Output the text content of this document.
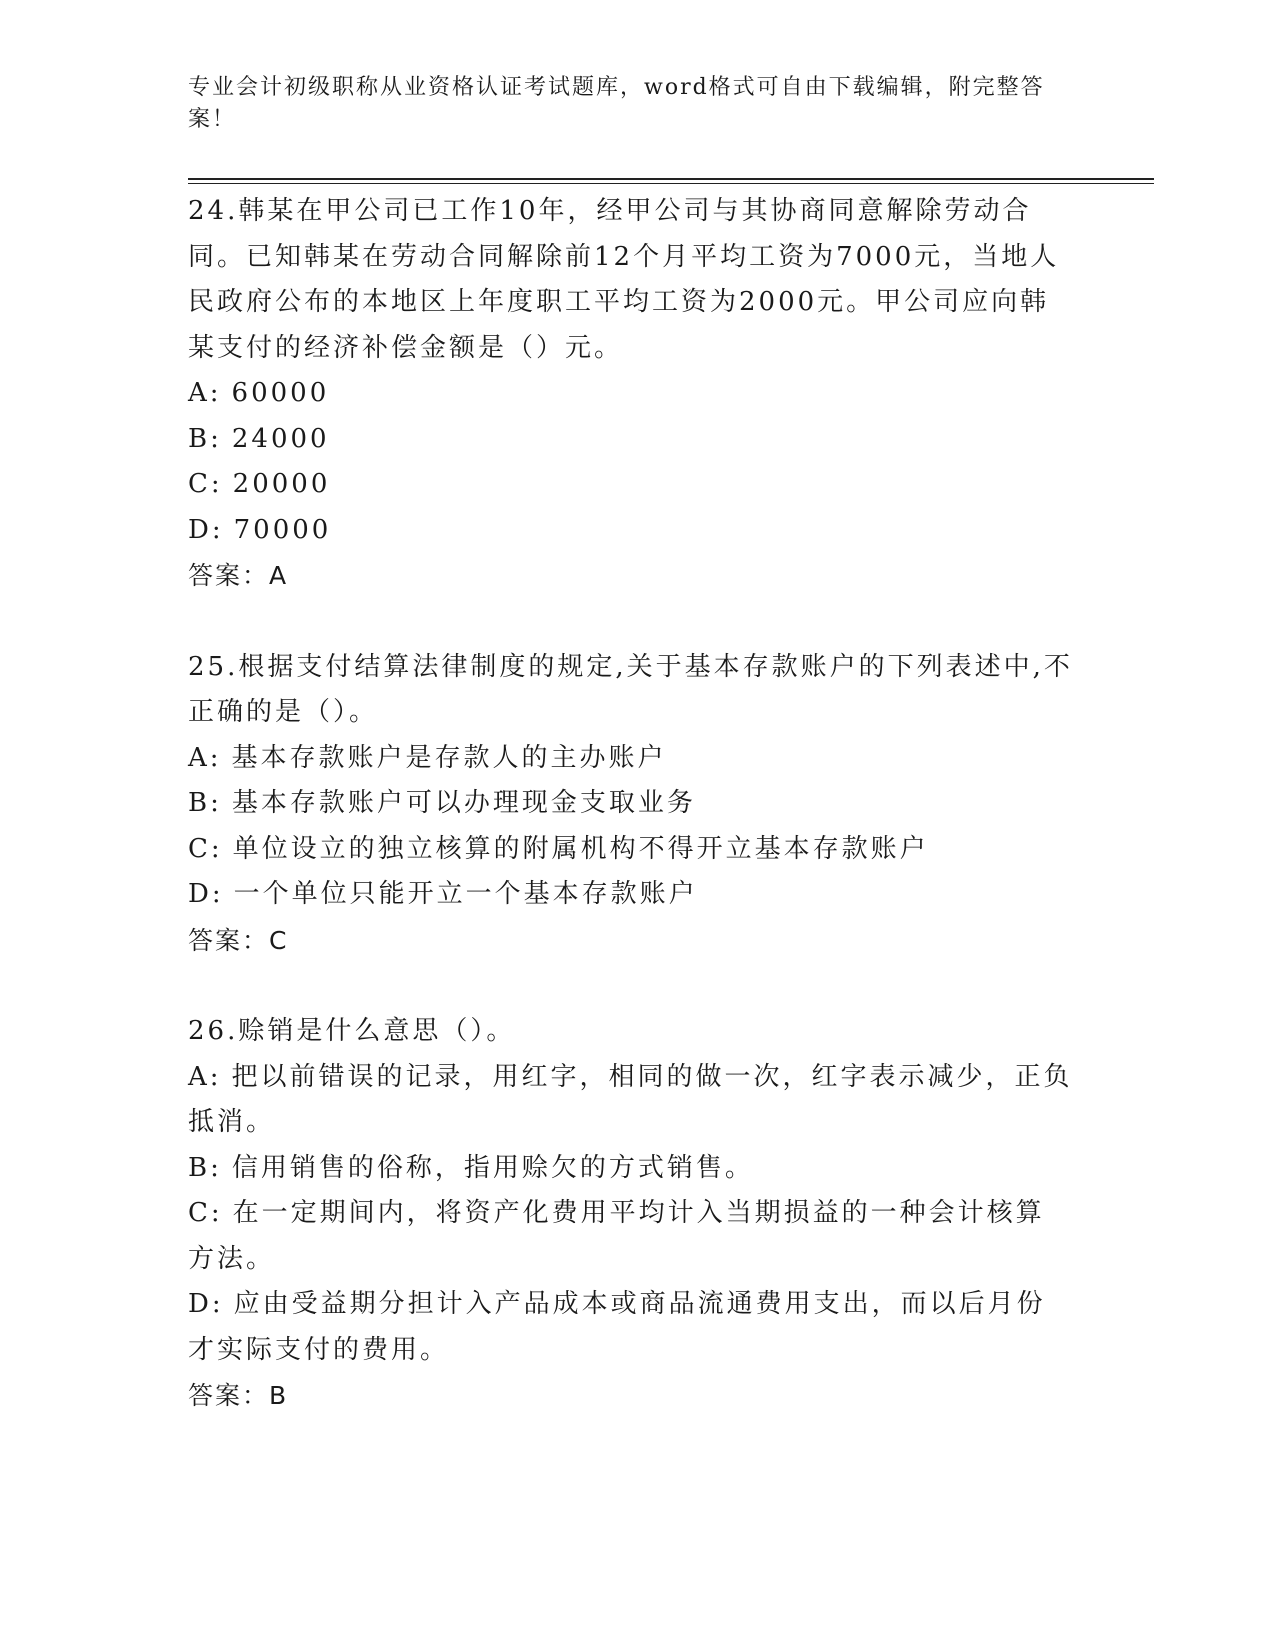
专业会计初级职称从业资格认证考试题库，word格式可自由下载编辑，附完整答案！
24.韩某在甲公司已工作10年，经甲公司与其协商同意解除劳动合同。已知韩某在劳动合同解除前12个月平均工资为7000元，当地人民政府公布的本地区上年度职工平均工资为2000元。甲公司应向韩某支付的经济补偿金额是（）元。
A: 60000
B: 24000
C: 20000
D: 70000
答案：A
25.根据支付结算法律制度的规定,关于基本存款账户的下列表述中,不正确的是（）。
A: 基本存款账户是存款人的主办账户
B: 基本存款账户可以办理现金支取业务
C: 单位设立的独立核算的附属机构不得开立基本存款账户
D: 一个单位只能开立一个基本存款账户
答案：C
26.赊销是什么意思（）。
A: 把以前错误的记录，用红字，相同的做一次，红字表示减少，正负抵消。
B: 信用销售的俗称，指用赊欠的方式销售。
C: 在一定期间内，将资产化费用平均计入当期损益的一种会计核算方法。
D: 应由受益期分担计入产品成本或商品流通费用支出，而以后月份才实际支付的费用。
答案：B
